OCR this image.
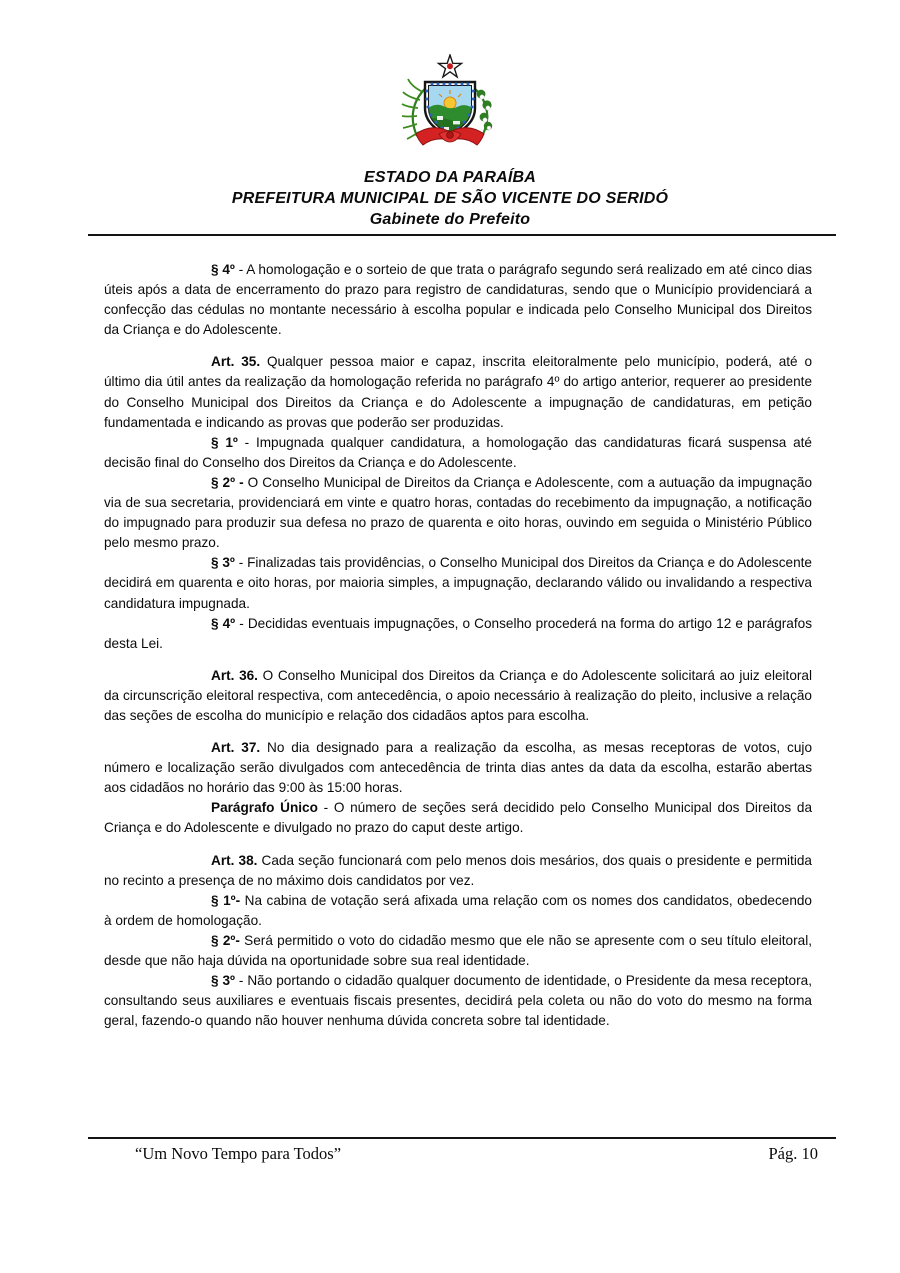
ESTADO DA PARAÍBA
PREFEITURA MUNICIPAL DE SÃO VICENTE DO SERIDÓ
Gabinete do Prefeito

§ 4º - A homologação e o sorteio de que trata o parágrafo segundo será realizado em até cinco dias úteis após a data de encerramento do prazo para registro de candidaturas, sendo que o Município providenciará a confecção das cédulas no montante necessário à escolha popular e indicada pelo Conselho Municipal dos Direitos da Criança e do Adolescente.

Art. 35. Qualquer pessoa maior e capaz, inscrita eleitoralmente pelo município, poderá, até o último dia útil antes da realização da homologação referida no parágrafo 4º do artigo anterior, requerer ao presidente do Conselho Municipal dos Direitos da Criança e do Adolescente a impugnação de candidaturas, em petição fundamentada e indicando as provas que poderão ser produzidas.

§ 1º - Impugnada qualquer candidatura, a homologação das candidaturas ficará suspensa até decisão final do Conselho dos Direitos da Criança e do Adolescente.

§ 2º - O Conselho Municipal de Direitos da Criança e Adolescente, com a autuação da impugnação via de sua secretaria, providenciará em vinte e quatro horas, contadas do recebimento da impugnação, a notificação do impugnado para produzir sua defesa no prazo de quarenta e oito horas, ouvindo em seguida o Ministério Público pelo mesmo prazo.

§ 3º - Finalizadas tais providências, o Conselho Municipal dos Direitos da Criança e do Adolescente decidirá em quarenta e oito horas, por maioria simples, a impugnação, declarando válido ou invalidando a respectiva candidatura impugnada.

§ 4º - Decididas eventuais impugnações, o Conselho procederá na forma do artigo 12 e parágrafos desta Lei.

Art. 36. O Conselho Municipal dos Direitos da Criança e do Adolescente solicitará ao juiz eleitoral da circunscrição eleitoral respectiva, com antecedência, o apoio necessário à realização do pleito, inclusive a relação das seções de escolha do município e relação dos cidadãos aptos para escolha.

Art. 37. No dia designado para a realização da escolha, as mesas receptoras de votos, cujo número e localização serão divulgados com antecedência de trinta dias antes da data da escolha, estarão abertas aos cidadãos no horário das 9:00 às 15:00 horas.

Parágrafo Único - O número de seções será decidido pelo Conselho Municipal dos Direitos da Criança e do Adolescente e divulgado no prazo do caput deste artigo.

Art. 38. Cada seção funcionará com pelo menos dois mesários, dos quais o presidente e permitida no recinto a presença de no máximo dois candidatos por vez.

§ 1º- Na cabina de votação será afixada uma relação com os nomes dos candidatos, obedecendo à ordem de homologação.

§ 2º- Será permitido o voto do cidadão mesmo que ele não se apresente com o seu título eleitoral, desde que não haja dúvida na oportunidade sobre sua real identidade.

§ 3º - Não portando o cidadão qualquer documento de identidade, o Presidente da mesa receptora, consultando seus auxiliares e eventuais fiscais presentes, decidirá pela coleta ou não do voto do mesmo na forma geral, fazendo-o quando não houver nenhuma dúvida concreta sobre tal identidade.

“Um Novo Tempo para Todos”	Pág. 10
